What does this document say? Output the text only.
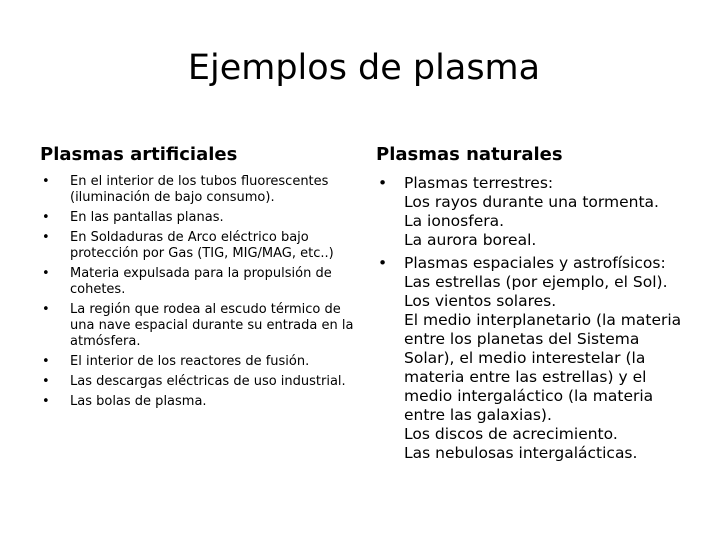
Ejemplos de plasma
Plasmas artificiales
• En el interior de los tubos fluorescentes (iluminación de bajo consumo).
• En las pantallas planas.
• En Soldaduras de Arco eléctrico bajo protección por Gas (TIG, MIG/MAG, etc..)
• Materia expulsada para la propulsión de cohetes.
• La región que rodea al escudo térmico de una nave espacial durante su entrada en la atmósfera.
• El interior de los reactores de fusión.
• Las descargas eléctricas de uso industrial.
• Las bolas de plasma.
Plasmas naturales
• Plasmas terrestres:
Los rayos durante una tormenta.
La ionosfera.
La aurora boreal.
• Plasmas espaciales y astrofísicos:
Las estrellas (por ejemplo, el Sol).
Los vientos solares.
El medio interplanetario (la materia entre los planetas del Sistema Solar), el medio interestelar (la materia entre las estrellas) y el medio intergaláctico (la materia entre las galaxias).
Los discos de acrecimiento.
Las nebulosas intergalácticas.
